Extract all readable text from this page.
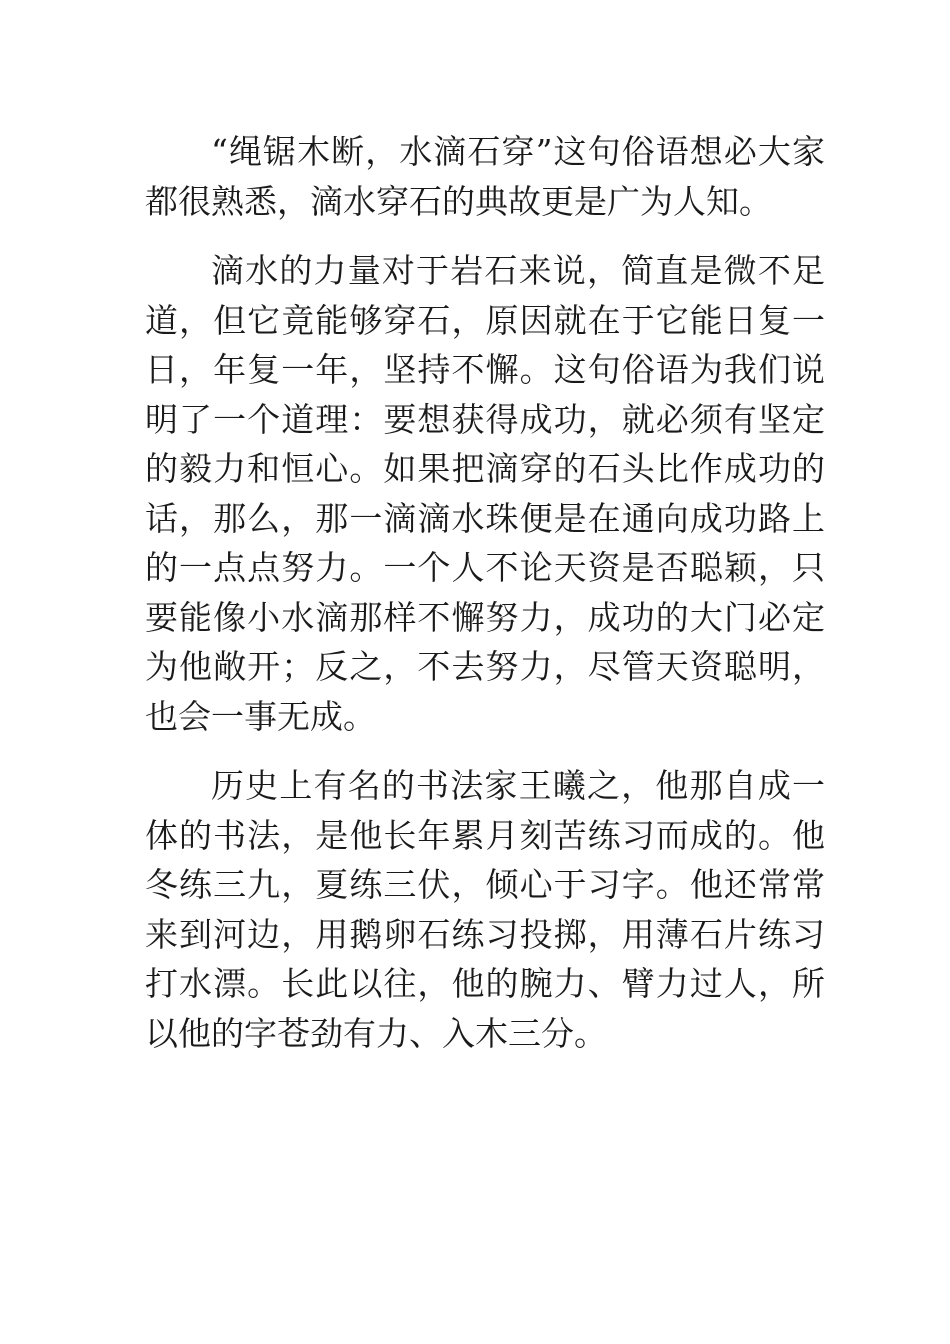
“绳锯木断，水滴石穿”这句俗语想必大家都很熟悉，滴水穿石的典故更是广为人知。

滴水的力量对于岩石来说，简直是微不足道，但它竟能够穿石，原因就在于它能日复一日，年复一年，坚持不懈。这句俗语为我们说明了一个道理：要想获得成功，就必须有坚定的毅力和恒心。如果把滴穿的石头比作成功的话，那么，那一滴滴水珠便是在通向成功路上的一点点努力。一个人不论天资是否聪颖，只要能像小水滴那样不懈努力，成功的大门必定为他敞开；反之，不去努力，尽管天资聪明，也会一事无成。

历史上有名的书法家王曦之，他那自成一体的书法，是他长年累月刻苦练习而成的。他冬练三九，夏练三伏，倾心于习字。他还常常来到河边，用鹅卵石练习投掷，用薄石片练习打水漂。长此以往，他的腕力、臂力过人，所以他的字苍劲有力、入木三分。
